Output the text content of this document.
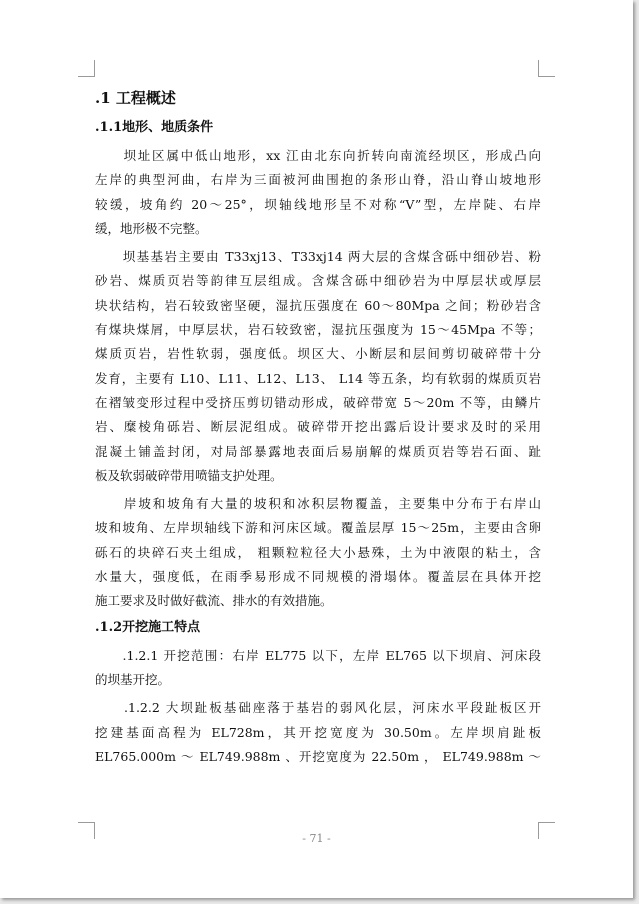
.1 工程概述
.1.1地形、地质条件
　　坝址区属中低山地形，xx 江由北东向折转向南流经坝区，形成凸向
左岸的典型河曲，右岸为三面被河曲围抱的条形山脊，沿山脊山坡地形
较缓，坡角约 20～25°，坝轴线地形呈不对称“V”型，左岸陡、右岸
缓，地形极不完整。
　　坝基基岩主要由 T33xj13、T33xj14 两大层的含煤含砾中细砂岩、粉
砂岩、煤质页岩等韵律互层组成。含煤含砾中细砂岩为中厚层状或厚层
块状结构，岩石较致密坚硬，湿抗压强度在 60～80Mpa 之间；粉砂岩含
有煤块煤屑，中厚层状，岩石较致密，湿抗压强度为 15～45Mpa 不等；
煤质页岩，岩性软弱，强度低。坝区大、小断层和层间剪切破碎带十分
发育，主要有 L10、L11、L12、L13、 L14 等五条，均有软弱的煤质页岩
在褶皱变形过程中受挤压剪切错动形成，破碎带宽 5～20m 不等，由鳞片
岩、糜棱角砾岩、断层泥组成。破碎带开挖出露后设计要求及时的采用
混凝土铺盖封闭，对局部暴露地表面后易崩解的煤质页岩等岩石面、趾
板及软弱破碎带用喷锚支护处理。
　　岸坡和坡角有大量的坡积和冰积层物覆盖，主要集中分布于右岸山
坡和坡角、左岸坝轴线下游和河床区域。覆盖层厚 15～25m，主要由含卵
砾石的块碎石夹土组成， 粗颗粒粒径大小悬殊，土为中液限的粘土，含
水量大，强度低，在雨季易形成不同规模的滑塌体。覆盖层在具体开挖
施工要求及时做好截流、排水的有效措施。
.1.2开挖施工特点
　　.1.2.1 开挖范围：右岸 EL775 以下，左岸 EL765 以下坝肩、河床段
的坝基开挖。
　　.1.2.2 大坝趾板基础座落于基岩的弱风化层，河床水平段趾板区开
挖建基面高程为 EL728m，其开挖宽度为 30.50m。左岸坝肩趾板
EL765.000m ～ EL749.988m 、开挖宽度为 22.50m ， EL749.988m ～
- 71 -
